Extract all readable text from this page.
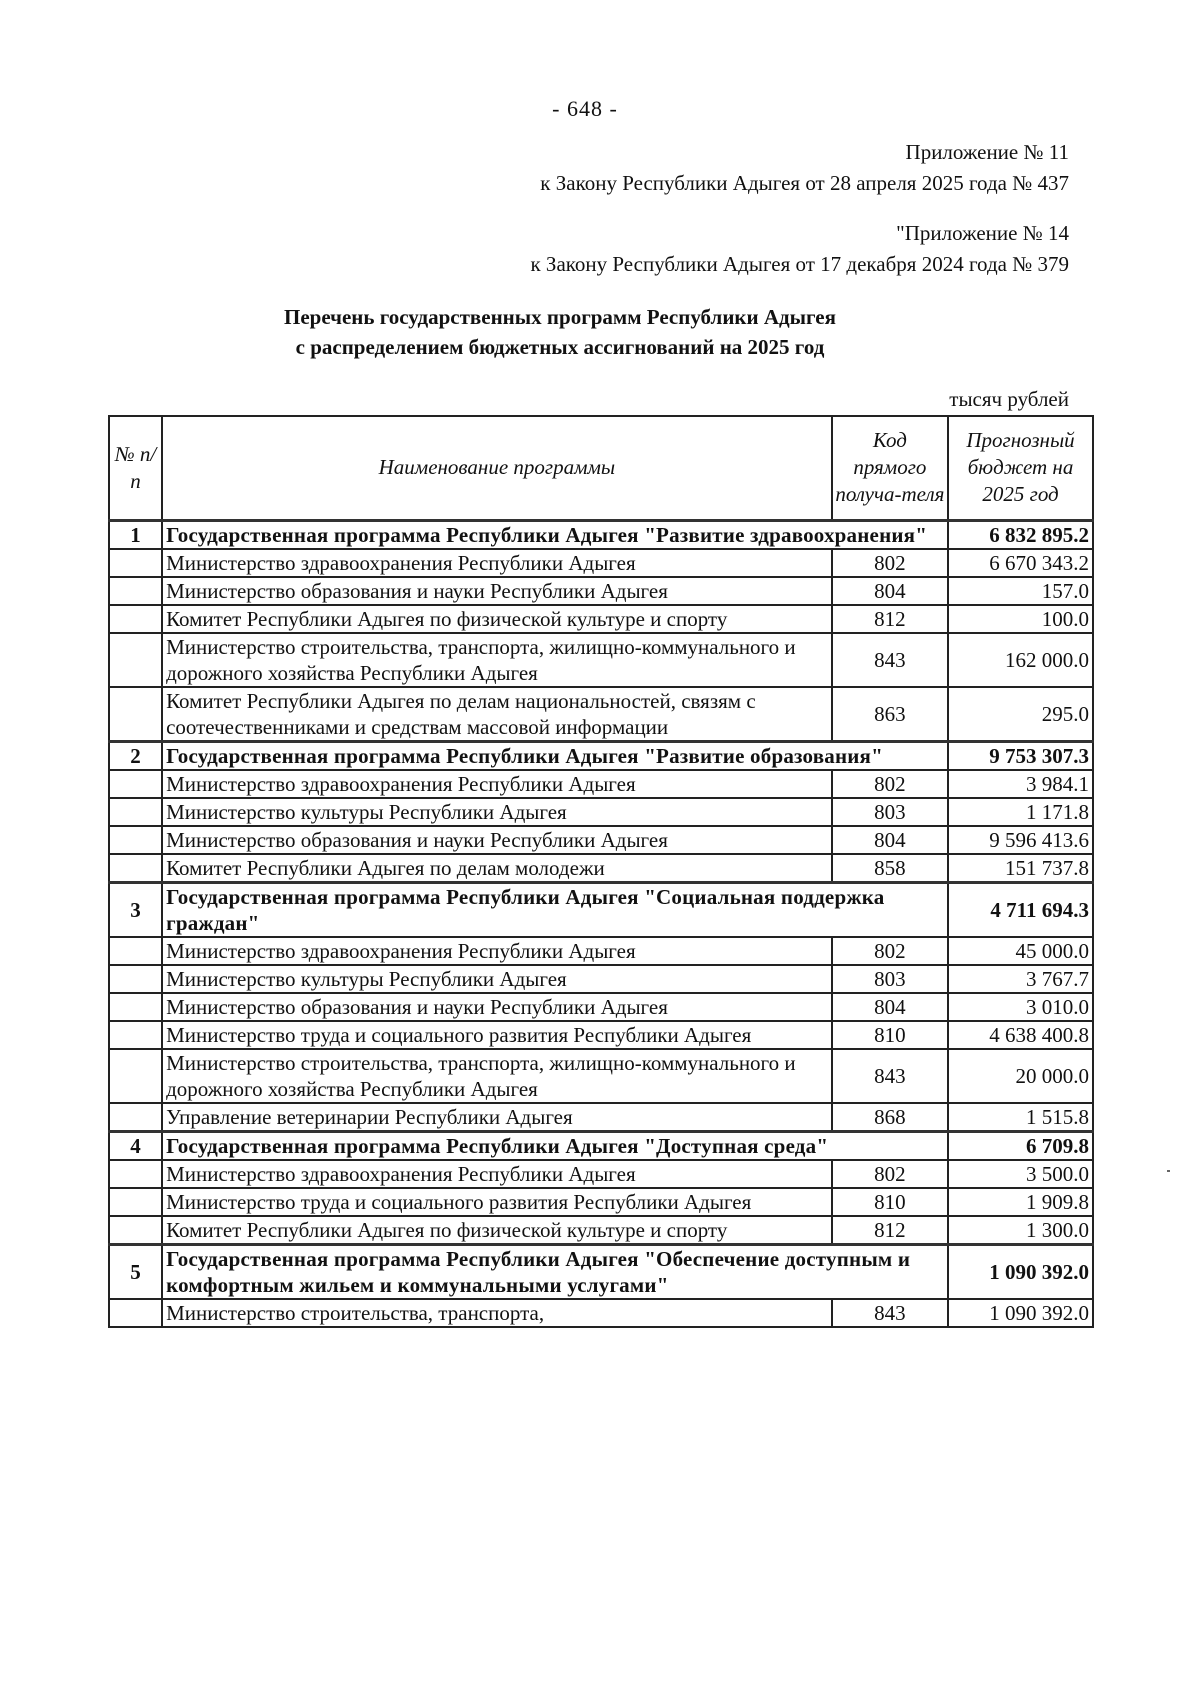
- 648 -
Приложение № 11
к Закону Республики Адыгея от 28 апреля 2025 года № 437
"Приложение № 14
к Закону Республики Адыгея от 17 декабря 2024 года № 379
Перечень государственных программ Республики Адыгея
с распределением бюджетных ассигнований на 2025 год
тысяч рублей
№ п/п	Наименование программы	Код прямого получа-теля	Прогнозный бюджет на 2025 год
1	Государственная программа Республики Адыгея "Развитие здравоохранения"		6 832 895.2
	Министерство здравоохранения Республики Адыгея	802	6 670 343.2
	Министерство образования и науки Республики Адыгея	804	157.0
	Комитет Республики Адыгея по физической культуре и спорту	812	100.0
	Министерство строительства, транспорта, жилищно-коммунального и дорожного хозяйства Республики Адыгея	843	162 000.0
	Комитет Республики Адыгея по делам национальностей, связям с соотечественниками и средствам массовой информации	863	295.0
2	Государственная программа Республики Адыгея "Развитие образования"		9 753 307.3
	Министерство здравоохранения Республики Адыгея	802	3 984.1
	Министерство культуры Республики Адыгея	803	1 171.8
	Министерство образования и науки Республики Адыгея	804	9 596 413.6
	Комитет Республики Адыгея по делам молодежи	858	151 737.8
3	Государственная программа Республики Адыгея "Социальная поддержка граждан"		4 711 694.3
	Министерство здравоохранения Республики Адыгея	802	45 000.0
	Министерство культуры Республики Адыгея	803	3 767.7
	Министерство образования и науки Республики Адыгея	804	3 010.0
	Министерство труда и социального развития Республики Адыгея	810	4 638 400.8
	Министерство строительства, транспорта, жилищно-коммунального и дорожного хозяйства Республики Адыгея	843	20 000.0
	Управление ветеринарии Республики Адыгея	868	1 515.8
4	Государственная программа Республики Адыгея "Доступная среда"		6 709.8
	Министерство здравоохранения Республики Адыгея	802	3 500.0
	Министерство труда и социального развития Республики Адыгея	810	1 909.8
	Комитет Республики Адыгея по физической культуре и спорту	812	1 300.0
5	Государственная программа Республики Адыгея "Обеспечение доступным и комфортным жильем и коммунальными услугами"		1 090 392.0
	Министерство строительства, транспорта,	843	1 090 392.0
